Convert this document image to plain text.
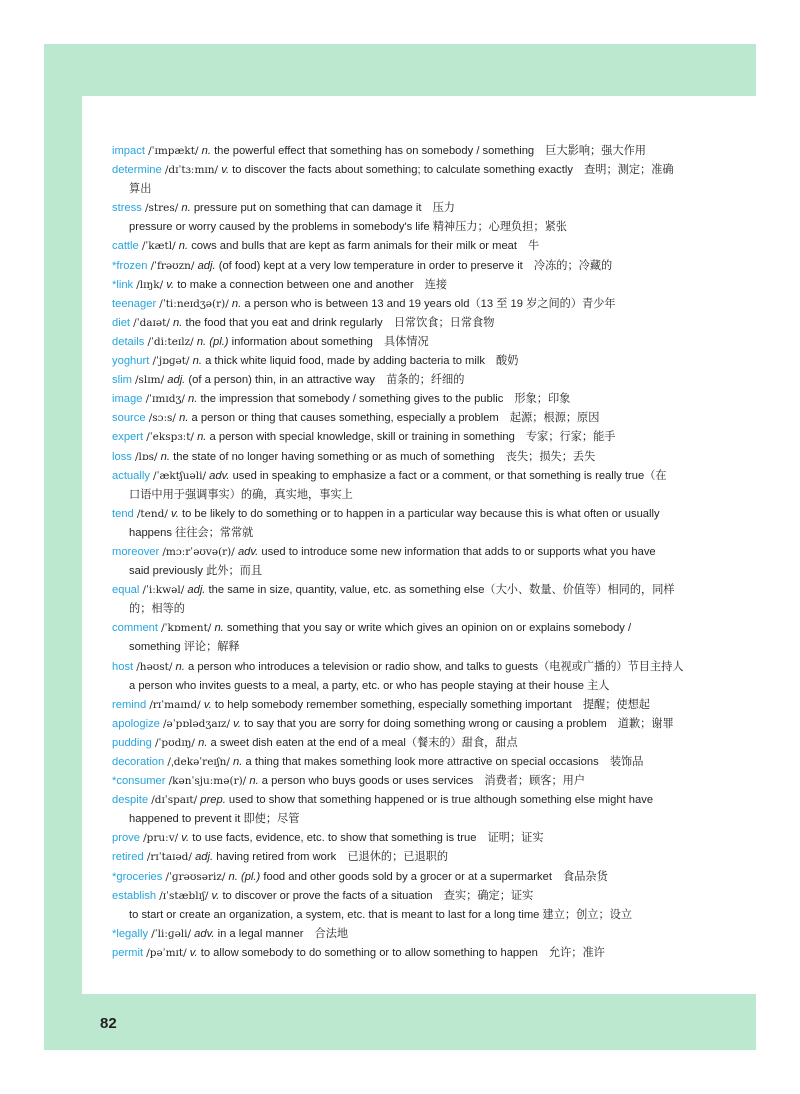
impact /ˈɪmpækt/ n. the powerful effect that something has on somebody / something 巨大影响；强大作用
determine /dɪˈtɜːmɪn/ v. to discover the facts about something; to calculate something exactly 查明；测定；准确
算出
stress /stres/ n. pressure put on something that can damage it 压力
pressure or worry caused by the problems in somebody's life 精神压力；心理负担；紧张
cattle /ˈkætl/ n. cows and bulls that are kept as farm animals for their milk or meat 牛
*frozen /ˈfrəʊzn/ adj. (of food) kept at a very low temperature in order to preserve it 冷冻的；冷藏的
*link /lɪŋk/ v. to make a connection between one and another 连接
teenager /ˈtiːneɪdʒə(r)/ n. a person who is between 13 and 19 years old（13 至 19 岁之间的）青少年
diet /ˈdaɪət/ n. the food that you eat and drink regularly 日常饮食；日常食物
details /ˈdiːteɪlz/ n. (pl.) information about something 具体情况
yoghurt /ˈjɒɡət/ n. a thick white liquid food, made by adding bacteria to milk 酸奶
slim /slɪm/ adj. (of a person) thin, in an attractive way 苗条的；纤细的
image /ˈɪmɪdʒ/ n. the impression that somebody / something gives to the public 形象；印象
source /sɔːs/ n. a person or thing that causes something, especially a problem 起源；根源；原因
expert /ˈekspɜːt/ n. a person with special knowledge, skill or training in something 专家；行家；能手
loss /lɒs/ n. the state of no longer having something or as much of something 丧失；损失；丢失
actually /ˈæktʃuəli/ adv. used in speaking to emphasize a fact or a comment, or that something is really true（在
口语中用于强调事实）的确，真实地，事实上
tend /tend/ v. to be likely to do something or to happen in a particular way because this is what often or usually
happens 往往会；常常就
moreover /mɔːrˈəʊvə(r)/ adv. used to introduce some new information that adds to or supports what you have
said previously 此外；而且
equal /ˈiːkwəl/ adj. the same in size, quantity, value, etc. as something else（大小、数量、价值等）相同的，同样
的；相等的
comment /ˈkɒment/ n. something that you say or write which gives an opinion on or explains somebody /
something 评论；解释
host /həʊst/ n. a person who introduces a television or radio show, and talks to guests（电视或广播的）节目主持人
a person who invites guests to a meal, a party, etc. or who has people staying at their house 主人
remind /rɪˈmaɪnd/ v. to help somebody remember something, especially something important 提醒；使想起
apologize /əˈpɒlədʒaɪz/ v. to say that you are sorry for doing something wrong or causing a problem 道歉；谢罪
pudding /ˈpʊdɪŋ/ n. a sweet dish eaten at the end of a meal（餐末的）甜食，甜点
decoration /ˌdekəˈreɪʃn/ n. a thing that makes something look more attractive on special occasions 装饰品
*consumer /kənˈsjuːmə(r)/ n. a person who buys goods or uses services 消费者；顾客；用户
despite /dɪˈspaɪt/ prep. used to show that something happened or is true although something else might have
happened to prevent it 即使；尽管
prove /pruːv/ v. to use facts, evidence, etc. to show that something is true 证明；证实
retired /rɪˈtaɪəd/ adj. having retired from work 已退休的；已退职的
*groceries /ˈɡrəʊsəriz/ n. (pl.) food and other goods sold by a grocer or at a supermarket 食品杂货
establish /ɪˈstæblɪʃ/ v. to discover or prove the facts of a situation 查实；确定；证实
to start or create an organization, a system, etc. that is meant to last for a long time 建立；创立；设立
*legally /ˈliːɡəli/ adv. in a legal manner 合法地
permit /pəˈmɪt/ v. to allow somebody to do something or to allow something to happen 允许；准许
82
